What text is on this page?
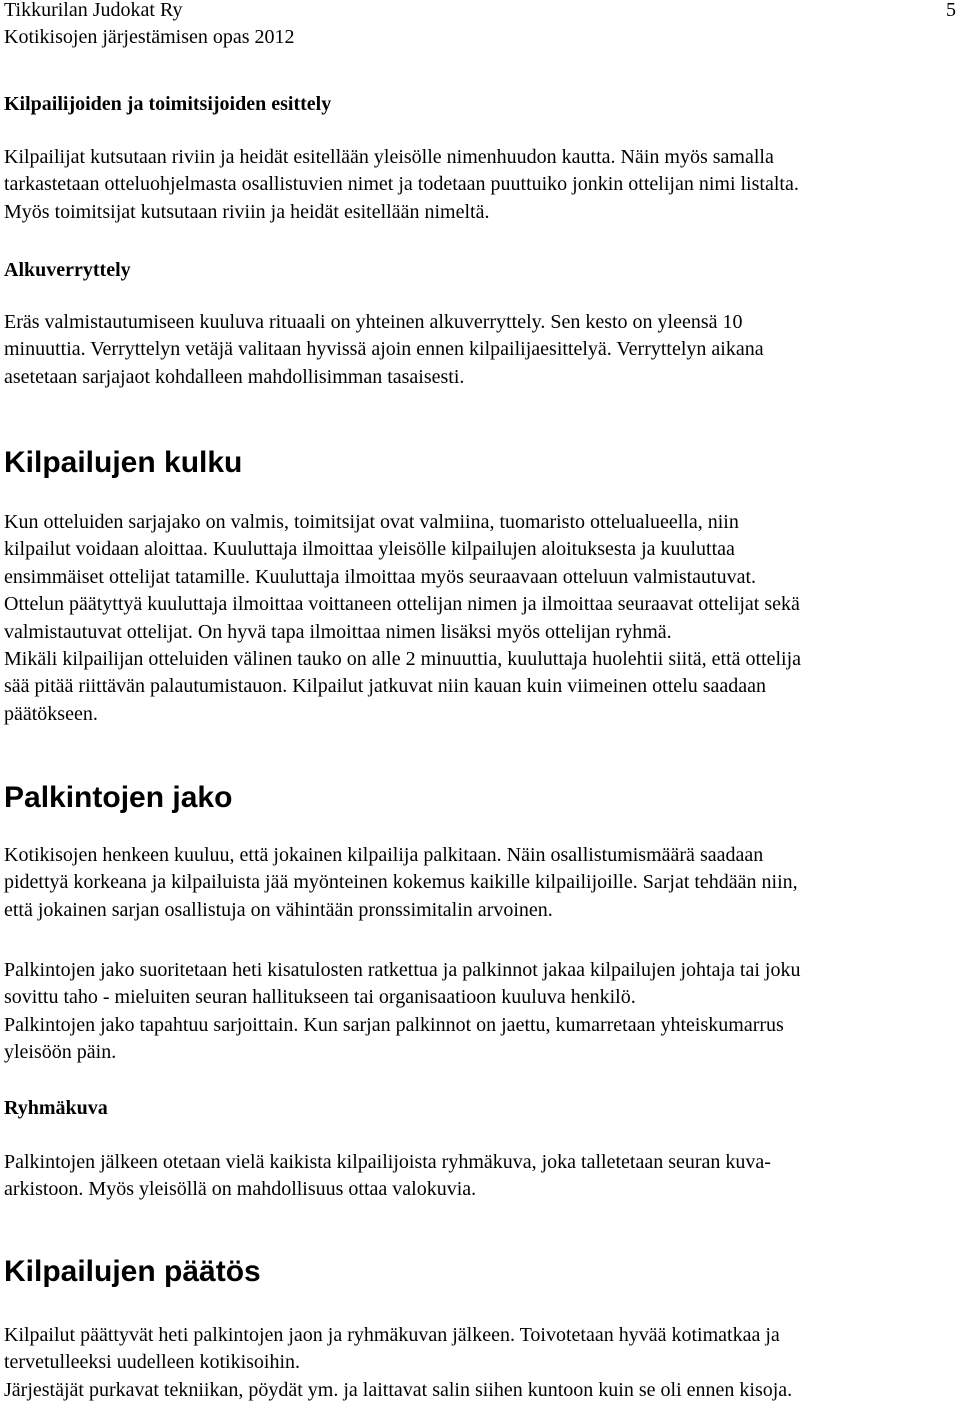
Tikkurilan Judokat Ry
Kotikisojen järjestämisen opas 2012
5
Kilpailijoiden ja toimitsijoiden esittely
Kilpailijat kutsutaan riviin ja heidät esitellään yleisölle nimenhuudon kautta. Näin myös samalla
tarkastetaan otteluohjelmasta osallistuvien nimet ja todetaan puuttuiko jonkin ottelijan nimi listalta.
Myös toimitsijat kutsutaan riviin ja heidät esitellään nimeltä.
Alkuverryttely
Eräs valmistautumiseen kuuluva rituaali on yhteinen alkuverryttely. Sen kesto on yleensä 10
minuuttia. Verryttelyn vetäjä valitaan hyvissä ajoin ennen kilpailijaesittelyä. Verryttelyn aikana
asetetaan sarjajaot kohdalleen mahdollisimman tasaisesti.
Kilpailujen kulku
Kun otteluiden sarjajako on valmis, toimitsijat ovat valmiina, tuomaristo ottelualueella, niin
kilpailut voidaan aloittaa. Kuuluttaja ilmoittaa yleisölle kilpailujen aloituksesta ja kuuluttaa
ensimmäiset ottelijat tatamille. Kuuluttaja ilmoittaa myös seuraavaan otteluun valmistautuvat.
Ottelun päätyttyä kuuluttaja ilmoittaa voittaneen ottelijan nimen ja ilmoittaa seuraavat ottelijat sekä
valmistautuvat ottelijat. On hyvä tapa ilmoittaa nimen lisäksi myös ottelijan ryhmä.
Mikäli kilpailijan otteluiden välinen tauko on alle 2 minuuttia, kuuluttaja huolehtii siitä, että ottelija
sää pitää riittävän palautumistauon. Kilpailut jatkuvat niin kauan kuin viimeinen ottelu saadaan
päätökseen.
Palkintojen jako
Kotikisojen henkeen kuuluu, että jokainen kilpailija palkitaan. Näin osallistumismäärä saadaan
pidettyä korkeana ja kilpailuista jää myönteinen kokemus kaikille kilpailijoille. Sarjat tehdään niin,
että jokainen sarjan osallistuja on vähintään pronssimitalin arvoinen.
Palkintojen jako suoritetaan heti kisatulosten ratkettua ja palkinnot jakaa kilpailujen johtaja tai joku
sovittu taho - mieluiten seuran hallitukseen tai organisaatioon kuuluva henkilö.
Palkintojen jako tapahtuu sarjoittain. Kun sarjan palkinnot on jaettu, kumarretaan yhteiskumarrus
yleisöön päin.
Ryhmäkuva
Palkintojen jälkeen otetaan vielä kaikista kilpailijoista ryhmäkuva, joka talletetaan seuran kuva-
arkistoon. Myös yleisöllä on mahdollisuus ottaa valokuvia.
Kilpailujen päätös
Kilpailut päättyvät heti palkintojen jaon ja ryhmäkuvan jälkeen. Toivotetaan hyvää kotimatkaa ja
tervetulleeksi uudelleen kotikisoihin.
Järjestäjät purkavat tekniikan, pöydät ym. ja laittavat salin siihen kuntoon kuin se oli ennen kisoja.
